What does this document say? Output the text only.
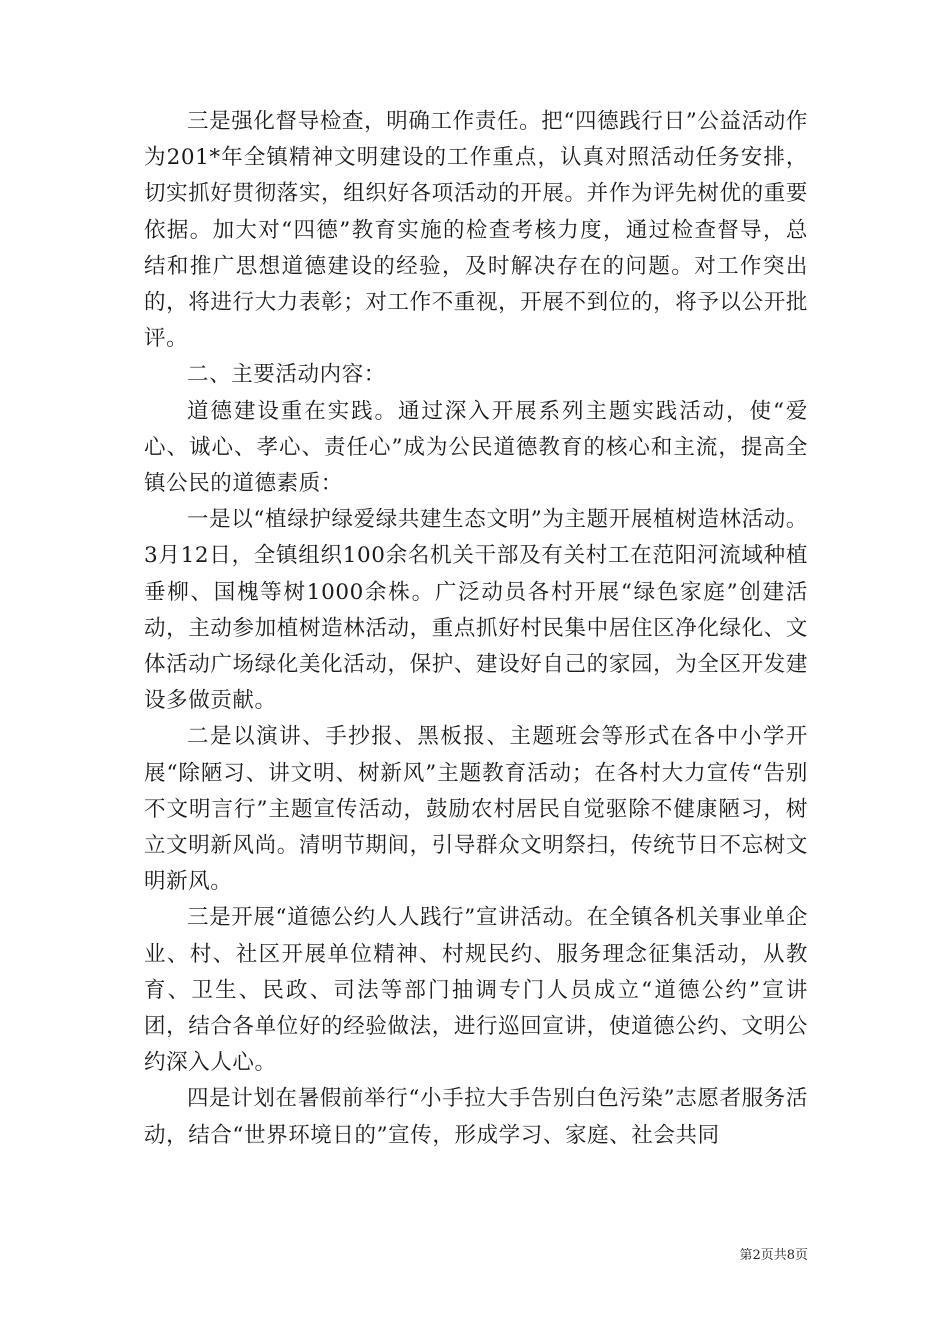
三是强化督导检查，明确工作责任。把“四德践行日”公益活动作为201*年全镇精神文明建设的工作重点，认真对照活动任务安排，切实抓好贯彻落实，组织好各项活动的开展。并作为评先树优的重要依据。加大对“四德”教育实施的检查考核力度，通过检查督导，总结和推广思想道德建设的经验，及时解决存在的问题。对工作突出的，将进行大力表彰；对工作不重视，开展不到位的，将予以公开批评。

二、主要活动内容：

道德建设重在实践。通过深入开展系列主题实践活动，使“爱心、诚心、孝心、责任心”成为公民道德教育的核心和主流，提高全镇公民的道德素质：

一是以“植绿护绿爱绿共建生态文明”为主题开展植树造林活动。3月12日，全镇组织100余名机关干部及有关村工在范阳河流域种植垂柳、国槐等树1000余株。广泛动员各村开展“绿色家庭”创建活动，主动参加植树造林活动，重点抓好村民集中居住区净化绿化、文体活动广场绿化美化活动，保护、建设好自己的家园，为全区开发建设多做贡献。

二是以演讲、手抄报、黑板报、主题班会等形式在各中小学开展“除陋习、讲文明、树新风”主题教育活动；在各村大力宣传“告别不文明言行”主题宣传活动，鼓励农村居民自觉驱除不健康陋习，树立文明新风尚。清明节期间，引导群众文明祭扫，传统节日不忘树文明新风。

三是开展“道德公约人人践行”宣讲活动。在全镇各机关事业单企业、村、社区开展单位精神、村规民约、服务理念征集活动，从教育、卫生、民政、司法等部门抽调专门人员成立“道德公约”宣讲团，结合各单位好的经验做法，进行巡回宣讲，使道德公约、文明公约深入人心。

四是计划在暑假前举行“小手拉大手告别白色污染”志愿者服务活动，结合“世界环境日的”宣传，形成学习、家庭、社会共同

第2页共8页
